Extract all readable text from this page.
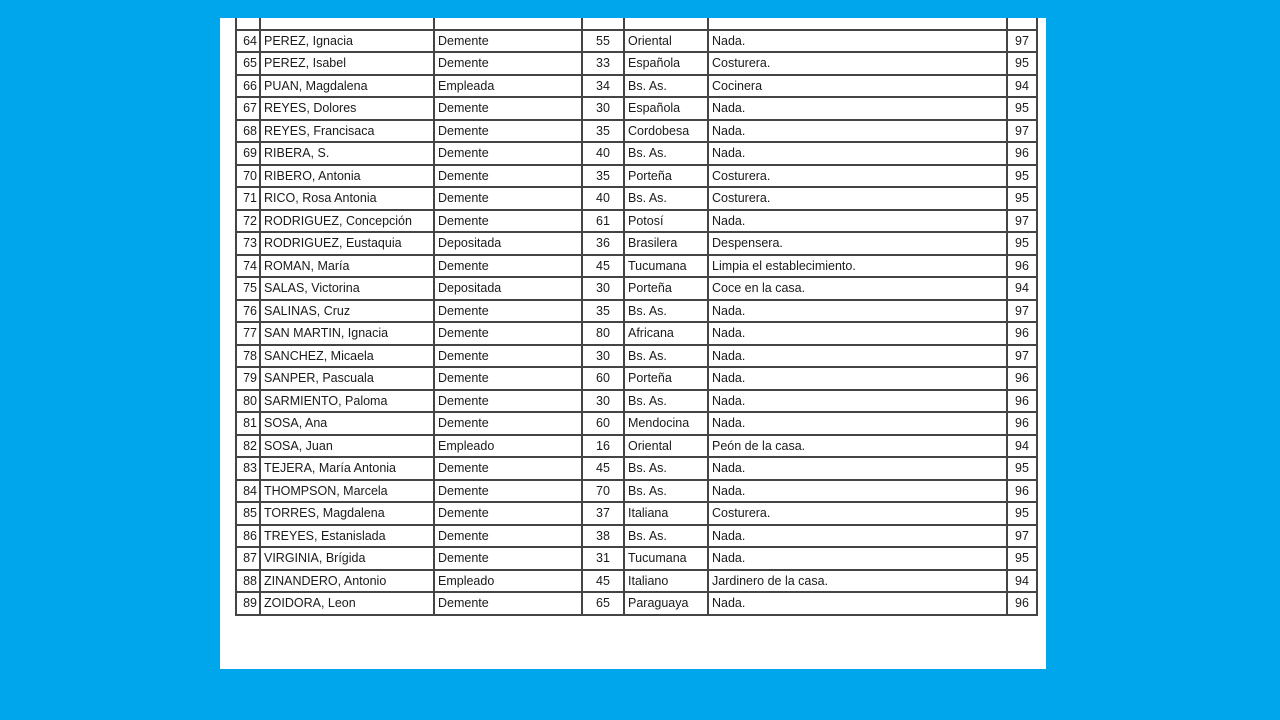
64	PEREZ, Ignacia	Demente	55	Oriental	Nada.	97
65	PEREZ, Isabel	Demente	33	Española	Costurera.	95
66	PUAN, Magdalena	Empleada	34	Bs. As.	Cocinera	94
67	REYES, Dolores	Demente	30	Española	Nada.	95
68	REYES, Francisaca	Demente	35	Cordobesa	Nada.	97
69	RIBERA, S.	Demente	40	Bs. As.	Nada.	96
70	RIBERO, Antonia	Demente	35	Porteña	Costurera.	95
71	RICO, Rosa Antonia	Demente	40	Bs. As.	Costurera.	95
72	RODRIGUEZ, Concepción	Demente	61	Potosí	Nada.	97
73	RODRIGUEZ, Eustaquia	Depositada	36	Brasilera	Despensera.	95
74	ROMAN, María	Demente	45	Tucumana	Limpia el establecimiento.	96
75	SALAS, Victorina	Depositada	30	Porteña	Coce en la casa.	94
76	SALINAS, Cruz	Demente	35	Bs. As.	Nada.	97
77	SAN MARTIN, Ignacia	Demente	80	Africana	Nada.	96
78	SANCHEZ, Micaela	Demente	30	Bs. As.	Nada.	97
79	SANPER, Pascuala	Demente	60	Porteña	Nada.	96
80	SARMIENTO, Paloma	Demente	30	Bs. As.	Nada.	96
81	SOSA, Ana	Demente	60	Mendocina	Nada.	96
82	SOSA, Juan	Empleado	16	Oriental	Peón de la casa.	94
83	TEJERA, María Antonia	Demente	45	Bs. As.	Nada.	95
84	THOMPSON, Marcela	Demente	70	Bs. As.	Nada.	96
85	TORRES, Magdalena	Demente	37	Italiana	Costurera.	95
86	TREYES, Estanislada	Demente	38	Bs. As.	Nada.	97
87	VIRGINIA, Brígida	Demente	31	Tucumana	Nada.	95
88	ZINANDERO, Antonio	Empleado	45	Italiano	Jardinero de la casa.	94
89	ZOIDORA, Leon	Demente	65	Paraguaya	Nada.	96
